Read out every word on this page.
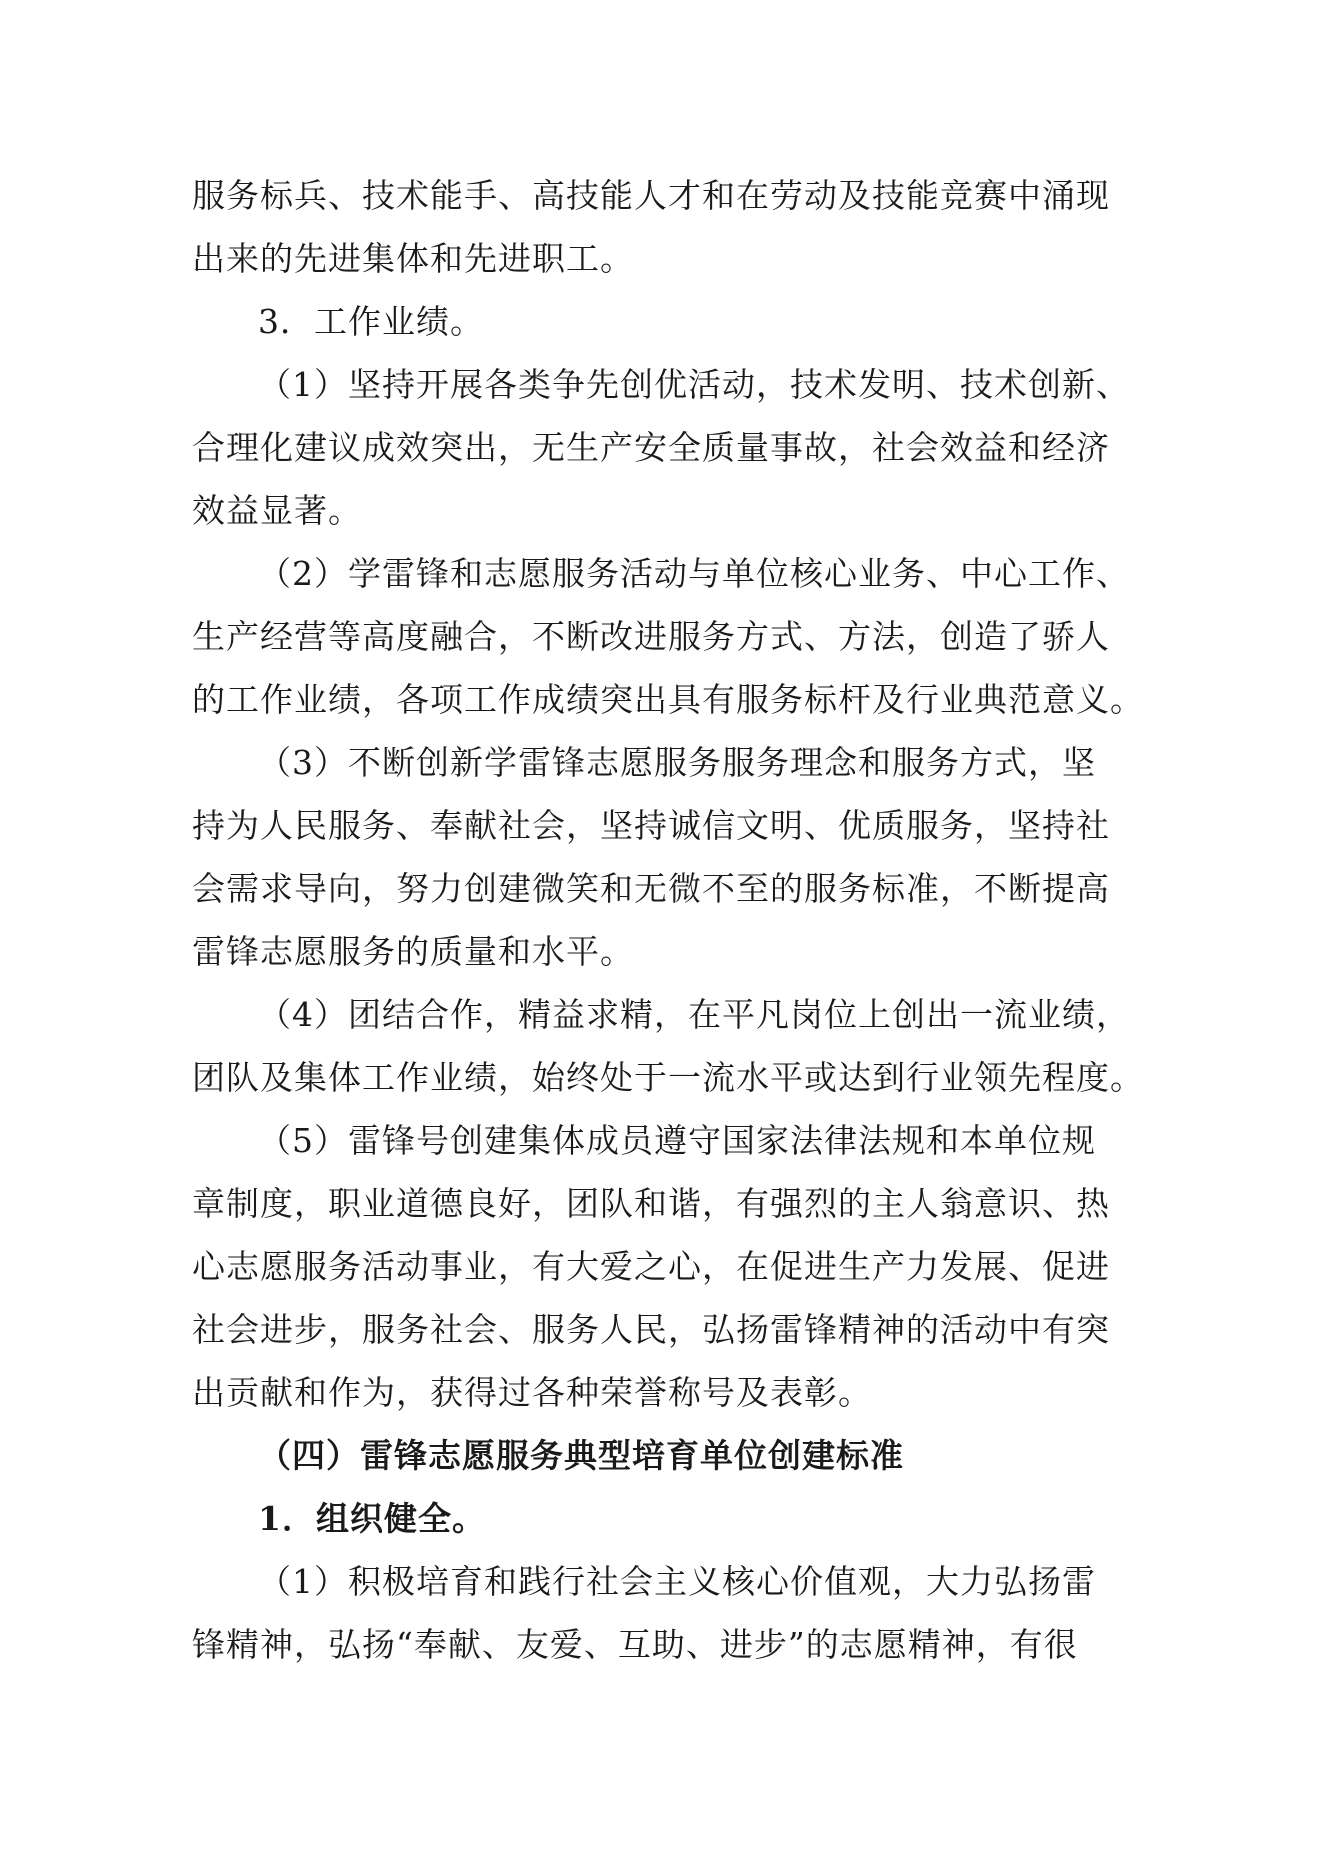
服务标兵、技术能手、高技能人才和在劳动及技能竞赛中涌现
出来的先进集体和先进职工。
3．工作业绩。
（1）坚持开展各类争先创优活动，技术发明、技术创新、
合理化建议成效突出，无生产安全质量事故，社会效益和经济
效益显著。
（2）学雷锋和志愿服务活动与单位核心业务、中心工作、
生产经营等高度融合，不断改进服务方式、方法，创造了骄人
的工作业绩，各项工作成绩突出具有服务标杆及行业典范意义。
（3）不断创新学雷锋志愿服务服务理念和服务方式，坚
持为人民服务、奉献社会，坚持诚信文明、优质服务，坚持社
会需求导向，努力创建微笑和无微不至的服务标准，不断提高
雷锋志愿服务的质量和水平。
（4）团结合作，精益求精，在平凡岗位上创出一流业绩，
团队及集体工作业绩，始终处于一流水平或达到行业领先程度。
（5）雷锋号创建集体成员遵守国家法律法规和本单位规
章制度，职业道德良好，团队和谐，有强烈的主人翁意识、热
心志愿服务活动事业，有大爱之心，在促进生产力发展、促进
社会进步，服务社会、服务人民，弘扬雷锋精神的活动中有突
出贡献和作为，获得过各种荣誉称号及表彰。
（四）雷锋志愿服务典型培育单位创建标准
1．组织健全。
（1）积极培育和践行社会主义核心价值观，大力弘扬雷
锋精神，弘扬“奉献、友爱、互助、进步”的志愿精神，有很
